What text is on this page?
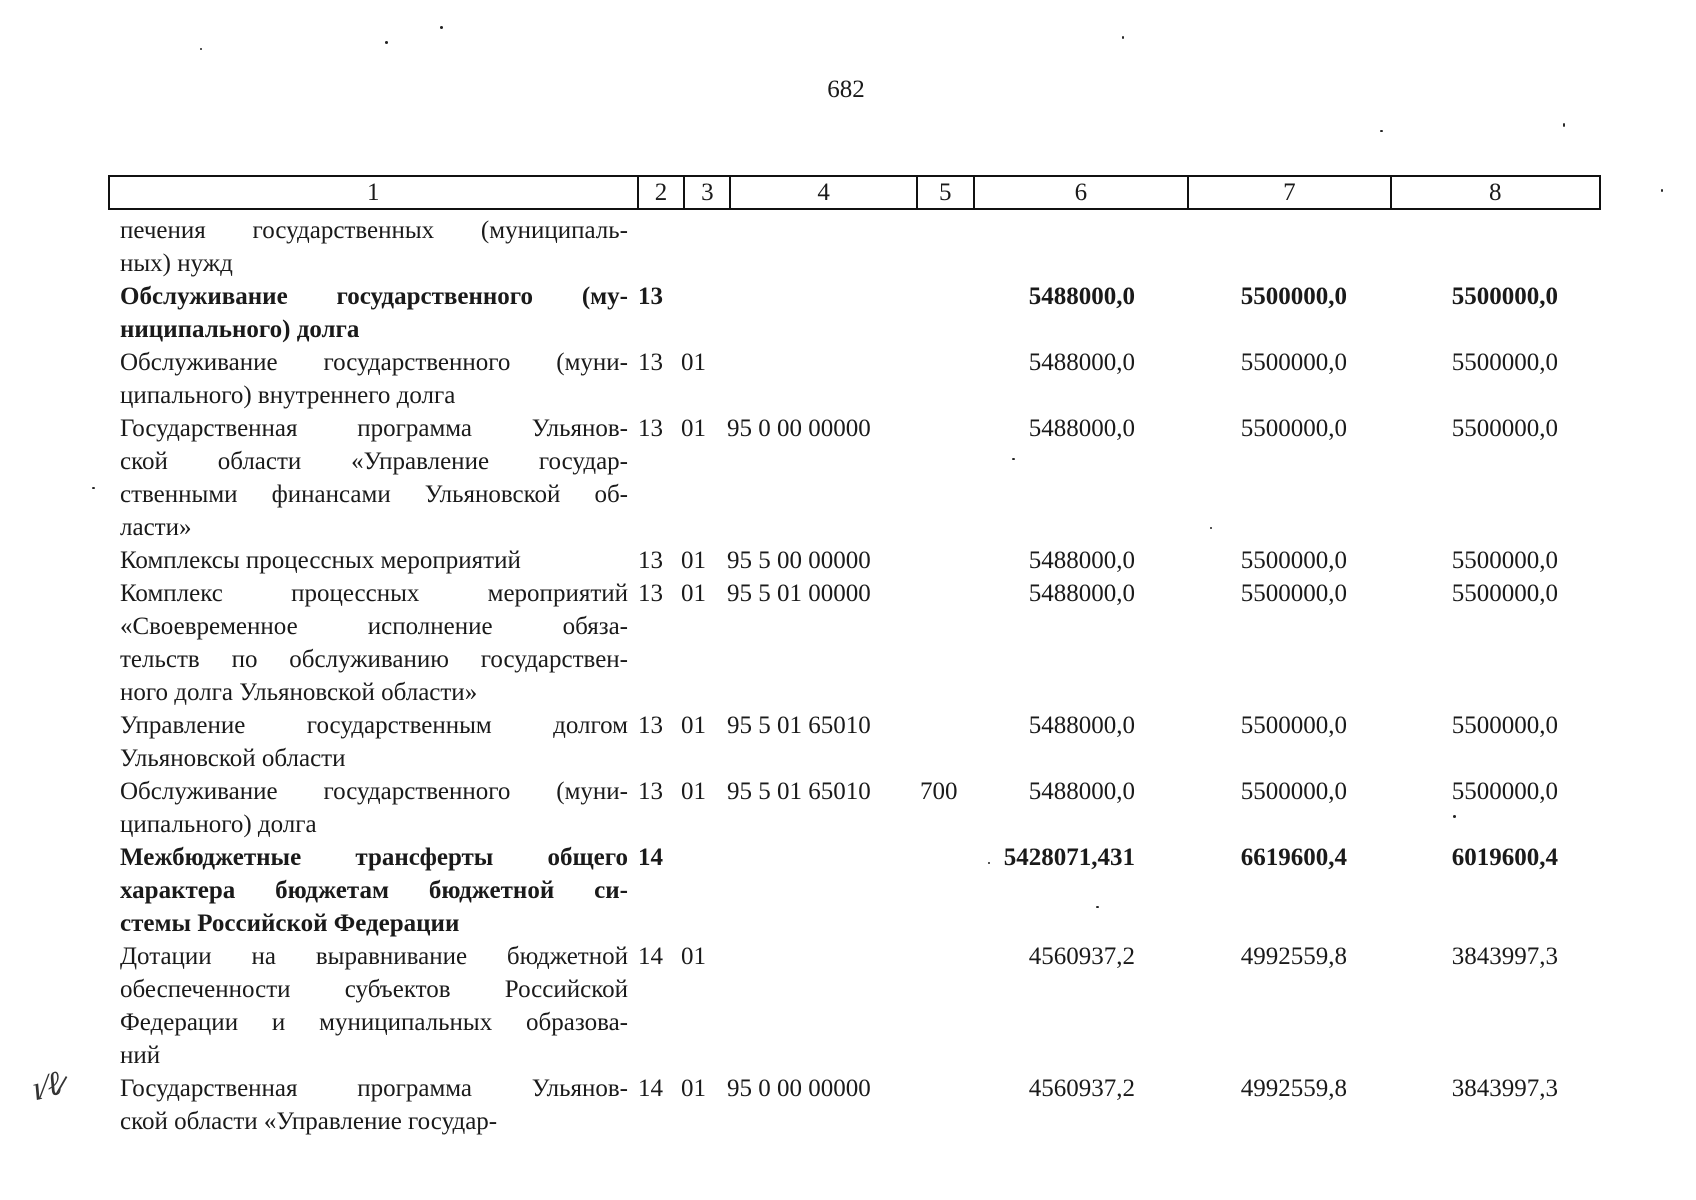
682
1	2	3	4	5	6	7	8
печения государственных (муниципаль-
ных) нужд
Обслуживание государственного (му-
ниципального) долга
13	5488000,0	5500000,0	5500000,0
Обслуживание государственного (муни-
ципального) внутреннего долга
13 01	5488000,0	5500000,0	5500000,0
Государственная программа Ульянов-
ской области «Управление государ-
ственными финансами Ульяновской об-
ласти»
13 01 95 0 00 00000	5488000,0	5500000,0	5500000,0
Комплексы процессных мероприятий	13 01 95 5 00 00000	5488000,0	5500000,0	5500000,0
Комплекс процессных мероприятий
«Своевременное исполнение обяза-
тельств по обслуживанию государствен-
ного долга Ульяновской области»
13 01 95 5 01 00000	5488000,0	5500000,0	5500000,0
Управление государственным долгом
Ульяновской области
13 01 95 5 01 65010	5488000,0	5500000,0	5500000,0
Обслуживание государственного (муни-
ципального) долга
13 01 95 5 01 65010	700	5488000,0	5500000,0	5500000,0
Межбюджетные трансферты общего
характера бюджетам бюджетной си-
стемы Российской Федерации
14	5428071,431	6619600,4	6019600,4
Дотации на выравнивание бюджетной
обеспеченности субъектов Российской
Федерации и муниципальных образова-
ний
14 01	4560937,2	4992559,8	3843997,3
Государственная программа Ульянов-
ской области «Управление государ-
14 01 95 0 00 00000	4560937,2	4992559,8	3843997,3
ı⁄ℓ̷
